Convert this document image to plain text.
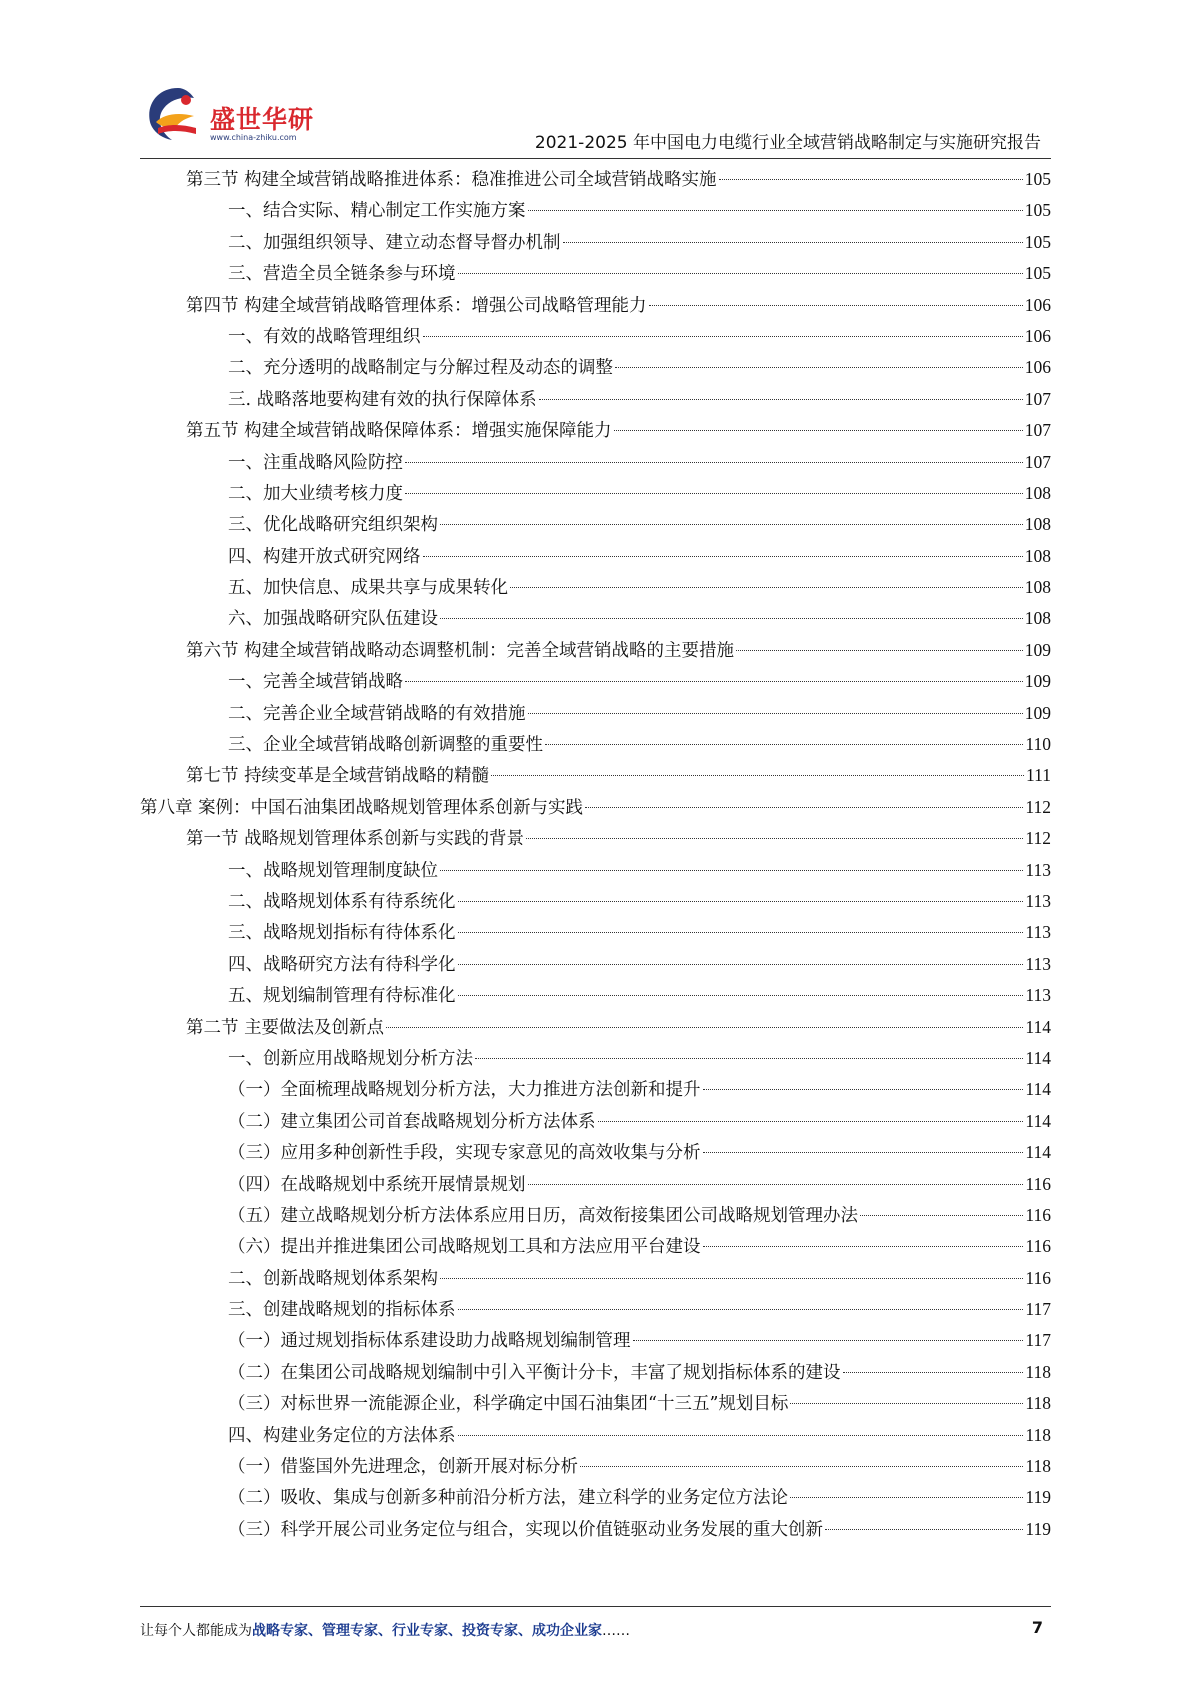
盛世华研
www.china-zhiku.com	2021-2025 年中国电力电缆行业全域营销战略制定与实施研究报告
第三节 构建全域营销战略推进体系：稳准推进公司全域营销战略实施	105
一、结合实际、精心制定工作实施方案	105
二、加强组织领导、建立动态督导督办机制	105
三、营造全员全链条参与环境	105
第四节 构建全域营销战略管理体系：增强公司战略管理能力	106
一、有效的战略管理组织	106
二、充分透明的战略制定与分解过程及动态的调整	106
三. 战略落地要构建有效的执行保障体系	107
第五节 构建全域营销战略保障体系：增强实施保障能力	107
一、注重战略风险防控	107
二、加大业绩考核力度	108
三、优化战略研究组织架构	108
四、构建开放式研究网络	108
五、加快信息、成果共享与成果转化	108
六、加强战略研究队伍建设	108
第六节 构建全域营销战略动态调整机制：完善全域营销战略的主要措施	109
一、完善全域营销战略	109
二、完善企业全域营销战略的有效措施	109
三、企业全域营销战略创新调整的重要性	110
第七节 持续变革是全域营销战略的精髓	111
第八章 案例：中国石油集团战略规划管理体系创新与实践	112
第一节 战略规划管理体系创新与实践的背景	112
一、战略规划管理制度缺位	113
二、战略规划体系有待系统化	113
三、战略规划指标有待体系化	113
四、战略研究方法有待科学化	113
五、规划编制管理有待标准化	113
第二节 主要做法及创新点	114
一、创新应用战略规划分析方法	114
（一）全面梳理战略规划分析方法，大力推进方法创新和提升	114
（二）建立集团公司首套战略规划分析方法体系	114
（三）应用多种创新性手段，实现专家意见的高效收集与分析	114
（四）在战略规划中系统开展情景规划	116
（五）建立战略规划分析方法体系应用日历，高效衔接集团公司战略规划管理办法	116
（六）提出并推进集团公司战略规划工具和方法应用平台建设	116
二、创新战略规划体系架构	116
三、创建战略规划的指标体系	117
（一）通过规划指标体系建设助力战略规划编制管理	117
（二）在集团公司战略规划编制中引入平衡计分卡，丰富了规划指标体系的建设	118
（三）对标世界一流能源企业，科学确定中国石油集团“十三五”规划目标	118
四、构建业务定位的方法体系	118
（一）借鉴国外先进理念，创新开展对标分析	118
（二）吸收、集成与创新多种前沿分析方法，建立科学的业务定位方法论	119
（三）科学开展公司业务定位与组合，实现以价值链驱动业务发展的重大创新	119
让每个人都能成为战略专家、管理专家、行业专家、投资专家、成功企业家……	7
